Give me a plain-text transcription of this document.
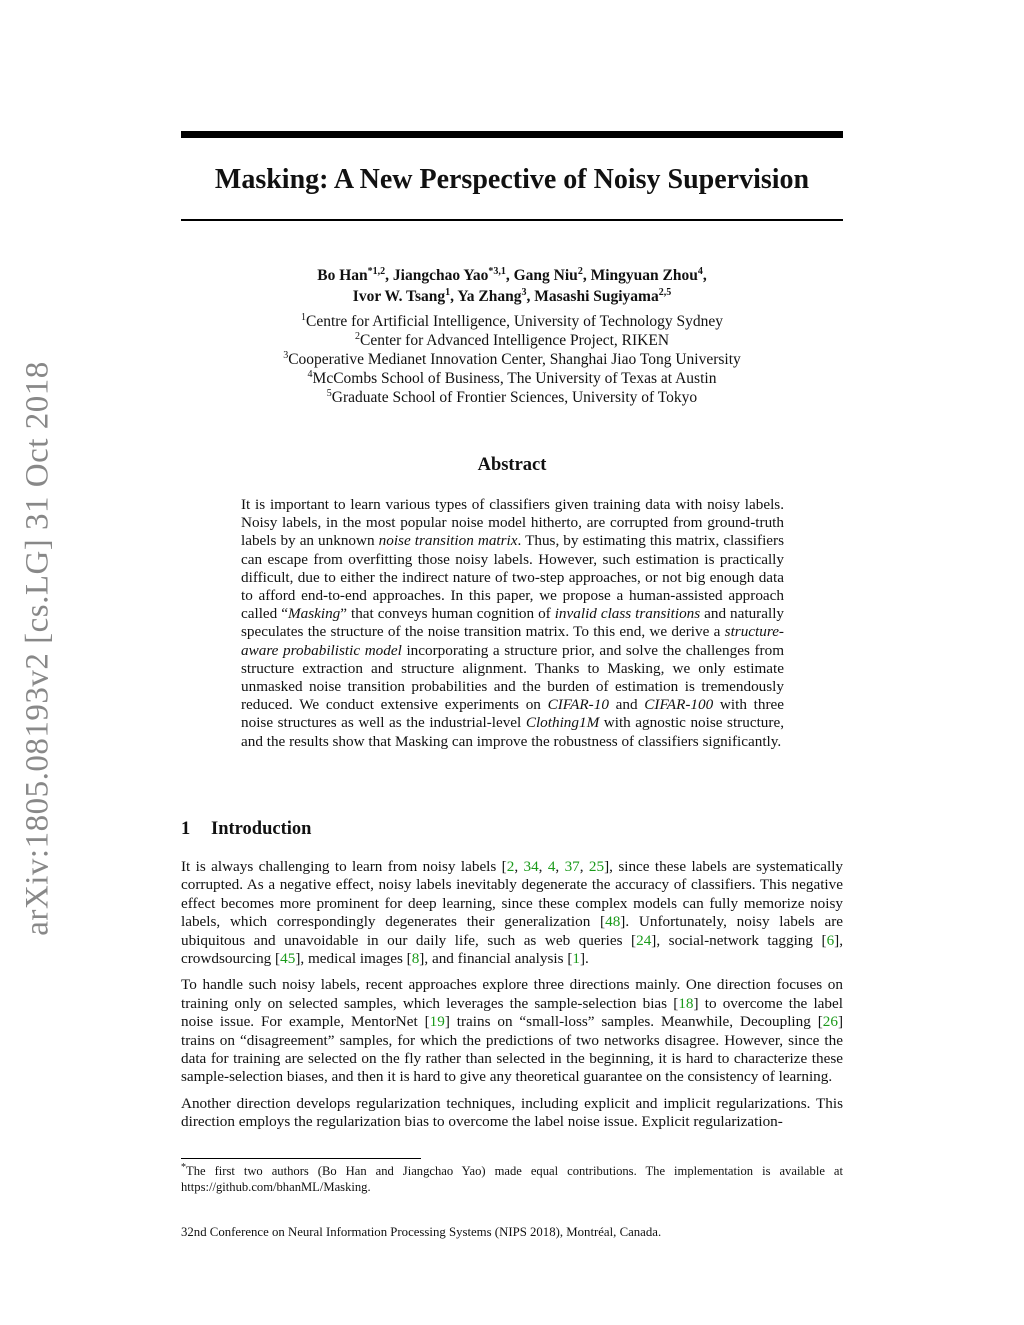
arXiv:1805.08193v2 [cs.LG] 31 Oct 2018
Masking: A New Perspective of Noisy Supervision
Bo Han$^{*1,2}$, Jiangchao Yao$^{*3,1}$, Gang Niu$^2$, Mingyuan Zhou$^4$,
Ivor W. Tsang$^1$, Ya Zhang$^3$, Masashi Sugiyama$^{2,5}$
$^1$Centre for Artificial Intelligence, University of Technology Sydney
$^2$Center for Advanced Intelligence Project, RIKEN
$^3$Cooperative Medianet Innovation Center, Shanghai Jiao Tong University
$^4$McCombs School of Business, The University of Texas at Austin
$^5$Graduate School of Frontier Sciences, University of Tokyo
Abstract

It is important to learn various types of classifiers given training data with noisy labels. Noisy labels, in the most popular noise model hitherto, are corrupted from ground-truth labels by an unknown noise transition matrix. Thus, by estimating this matrix, classifiers can escape from overfitting those noisy labels. However, such estimation is practically difficult, due to either the indirect nature of two-step approaches, or not big enough data to afford end-to-end approaches. In this paper, we propose a human-assisted approach called “Masking” that conveys human cognition of invalid class transitions and naturally speculates the structure of the noise transition matrix. To this end, we derive a structure-aware probabilistic model incorporating a structure prior, and solve the challenges from structure extraction and structure alignment. Thanks to Masking, we only estimate unmasked noise transition probabilities and the burden of estimation is tremendously reduced. We conduct extensive experiments on CIFAR-10 and CIFAR-100 with three noise structures as well as the industrial-level Clothing1M with agnostic noise structure, and the results show that Masking can improve the robustness of classifiers significantly.

1 Introduction

It is always challenging to learn from noisy labels [2, 34, 4, 37, 25], since these labels are systematically corrupted. As a negative effect, noisy labels inevitably degenerate the accuracy of classifiers. This negative effect becomes more prominent for deep learning, since these complex models can fully memorize noisy labels, which correspondingly degenerates their generalization [48]. Unfortunately, noisy labels are ubiquitous and unavoidable in our daily life, such as web queries [24], social-network tagging [6], crowdsourcing [45], medical images [8], and financial analysis [1].

To handle such noisy labels, recent approaches explore three directions mainly. One direction focuses on training only on selected samples, which leverages the sample-selection bias [18] to overcome the label noise issue. For example, MentorNet [19] trains on “small-loss” samples. Meanwhile, Decoupling [26] trains on “disagreement” samples, for which the predictions of two networks disagree. However, since the data for training are selected on the fly rather than selected in the beginning, it is hard to characterize these sample-selection biases, and then it is hard to give any theoretical guarantee on the consistency of learning.

Another direction develops regularization techniques, including explicit and implicit regularizations. This direction employs the regularization bias to overcome the label noise issue. Explicit regularization-

*The first two authors (Bo Han and Jiangchao Yao) made equal contributions. The implementation is available at https://github.com/bhanML/Masking.

32nd Conference on Neural Information Processing Systems (NIPS 2018), Montréal, Canada.
